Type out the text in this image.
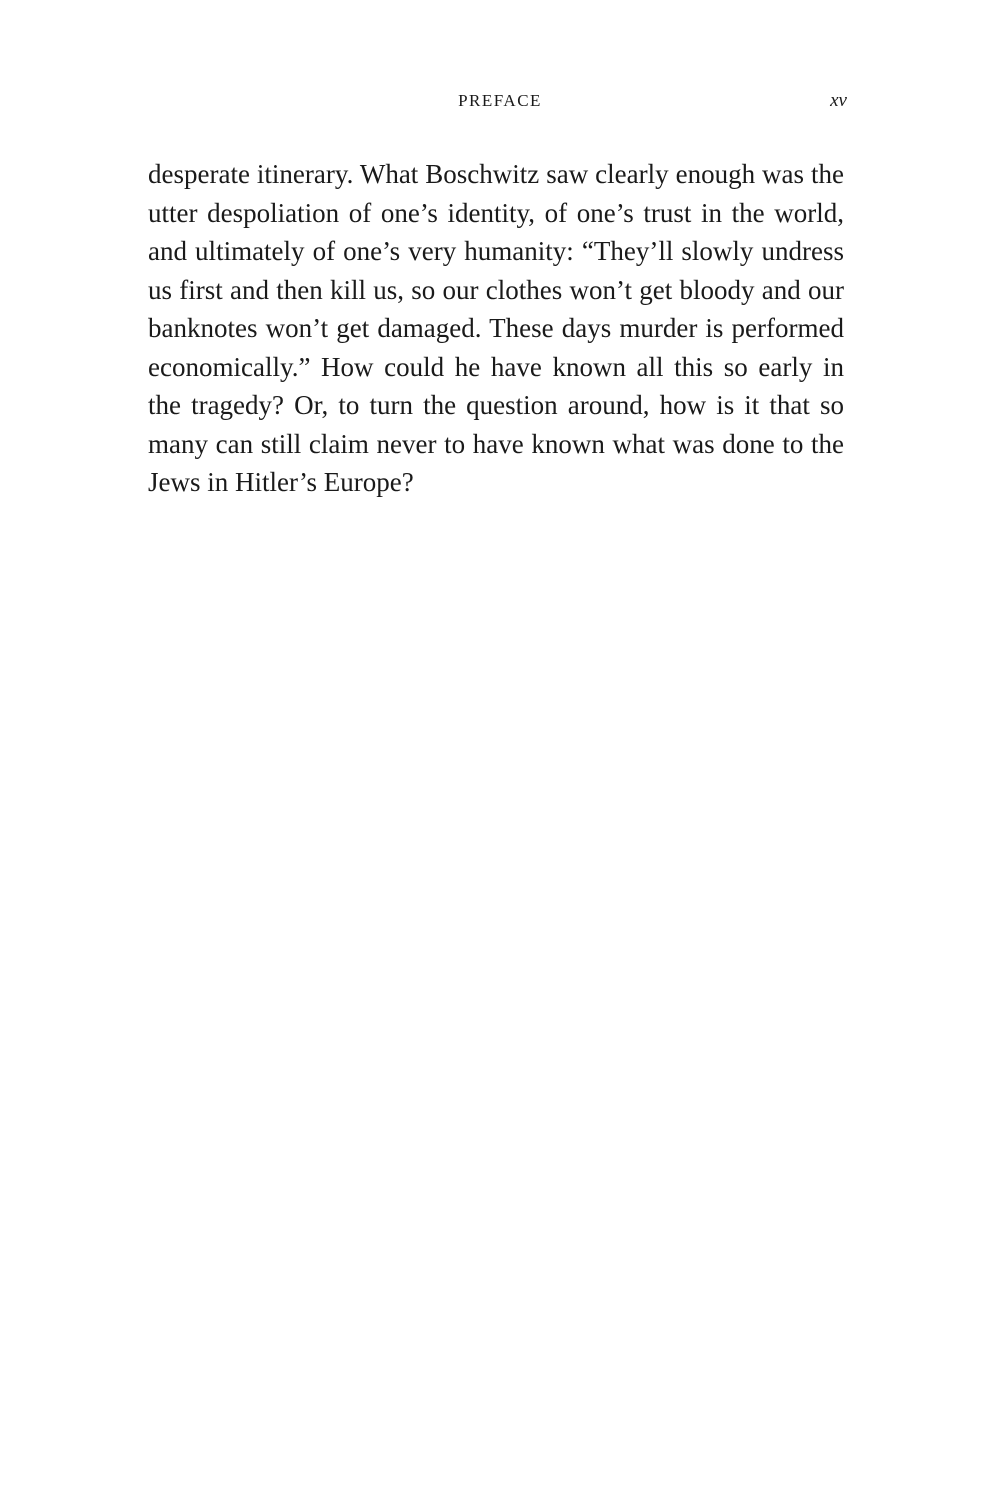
PREFACE	xv

desperate itinerary. What Boschwitz saw clearly enough was the utter despoliation of one’s identity, of one’s trust in the world, and ultimately of one’s very humanity: “They’ll slowly undress us first and then kill us, so our clothes won’t get bloody and our banknotes won’t get damaged. These days murder is performed economically.” How could he have known all this so early in the tragedy? Or, to turn the question around, how is it that so many can still claim never to have known what was done to the Jews in Hitler’s Europe?
